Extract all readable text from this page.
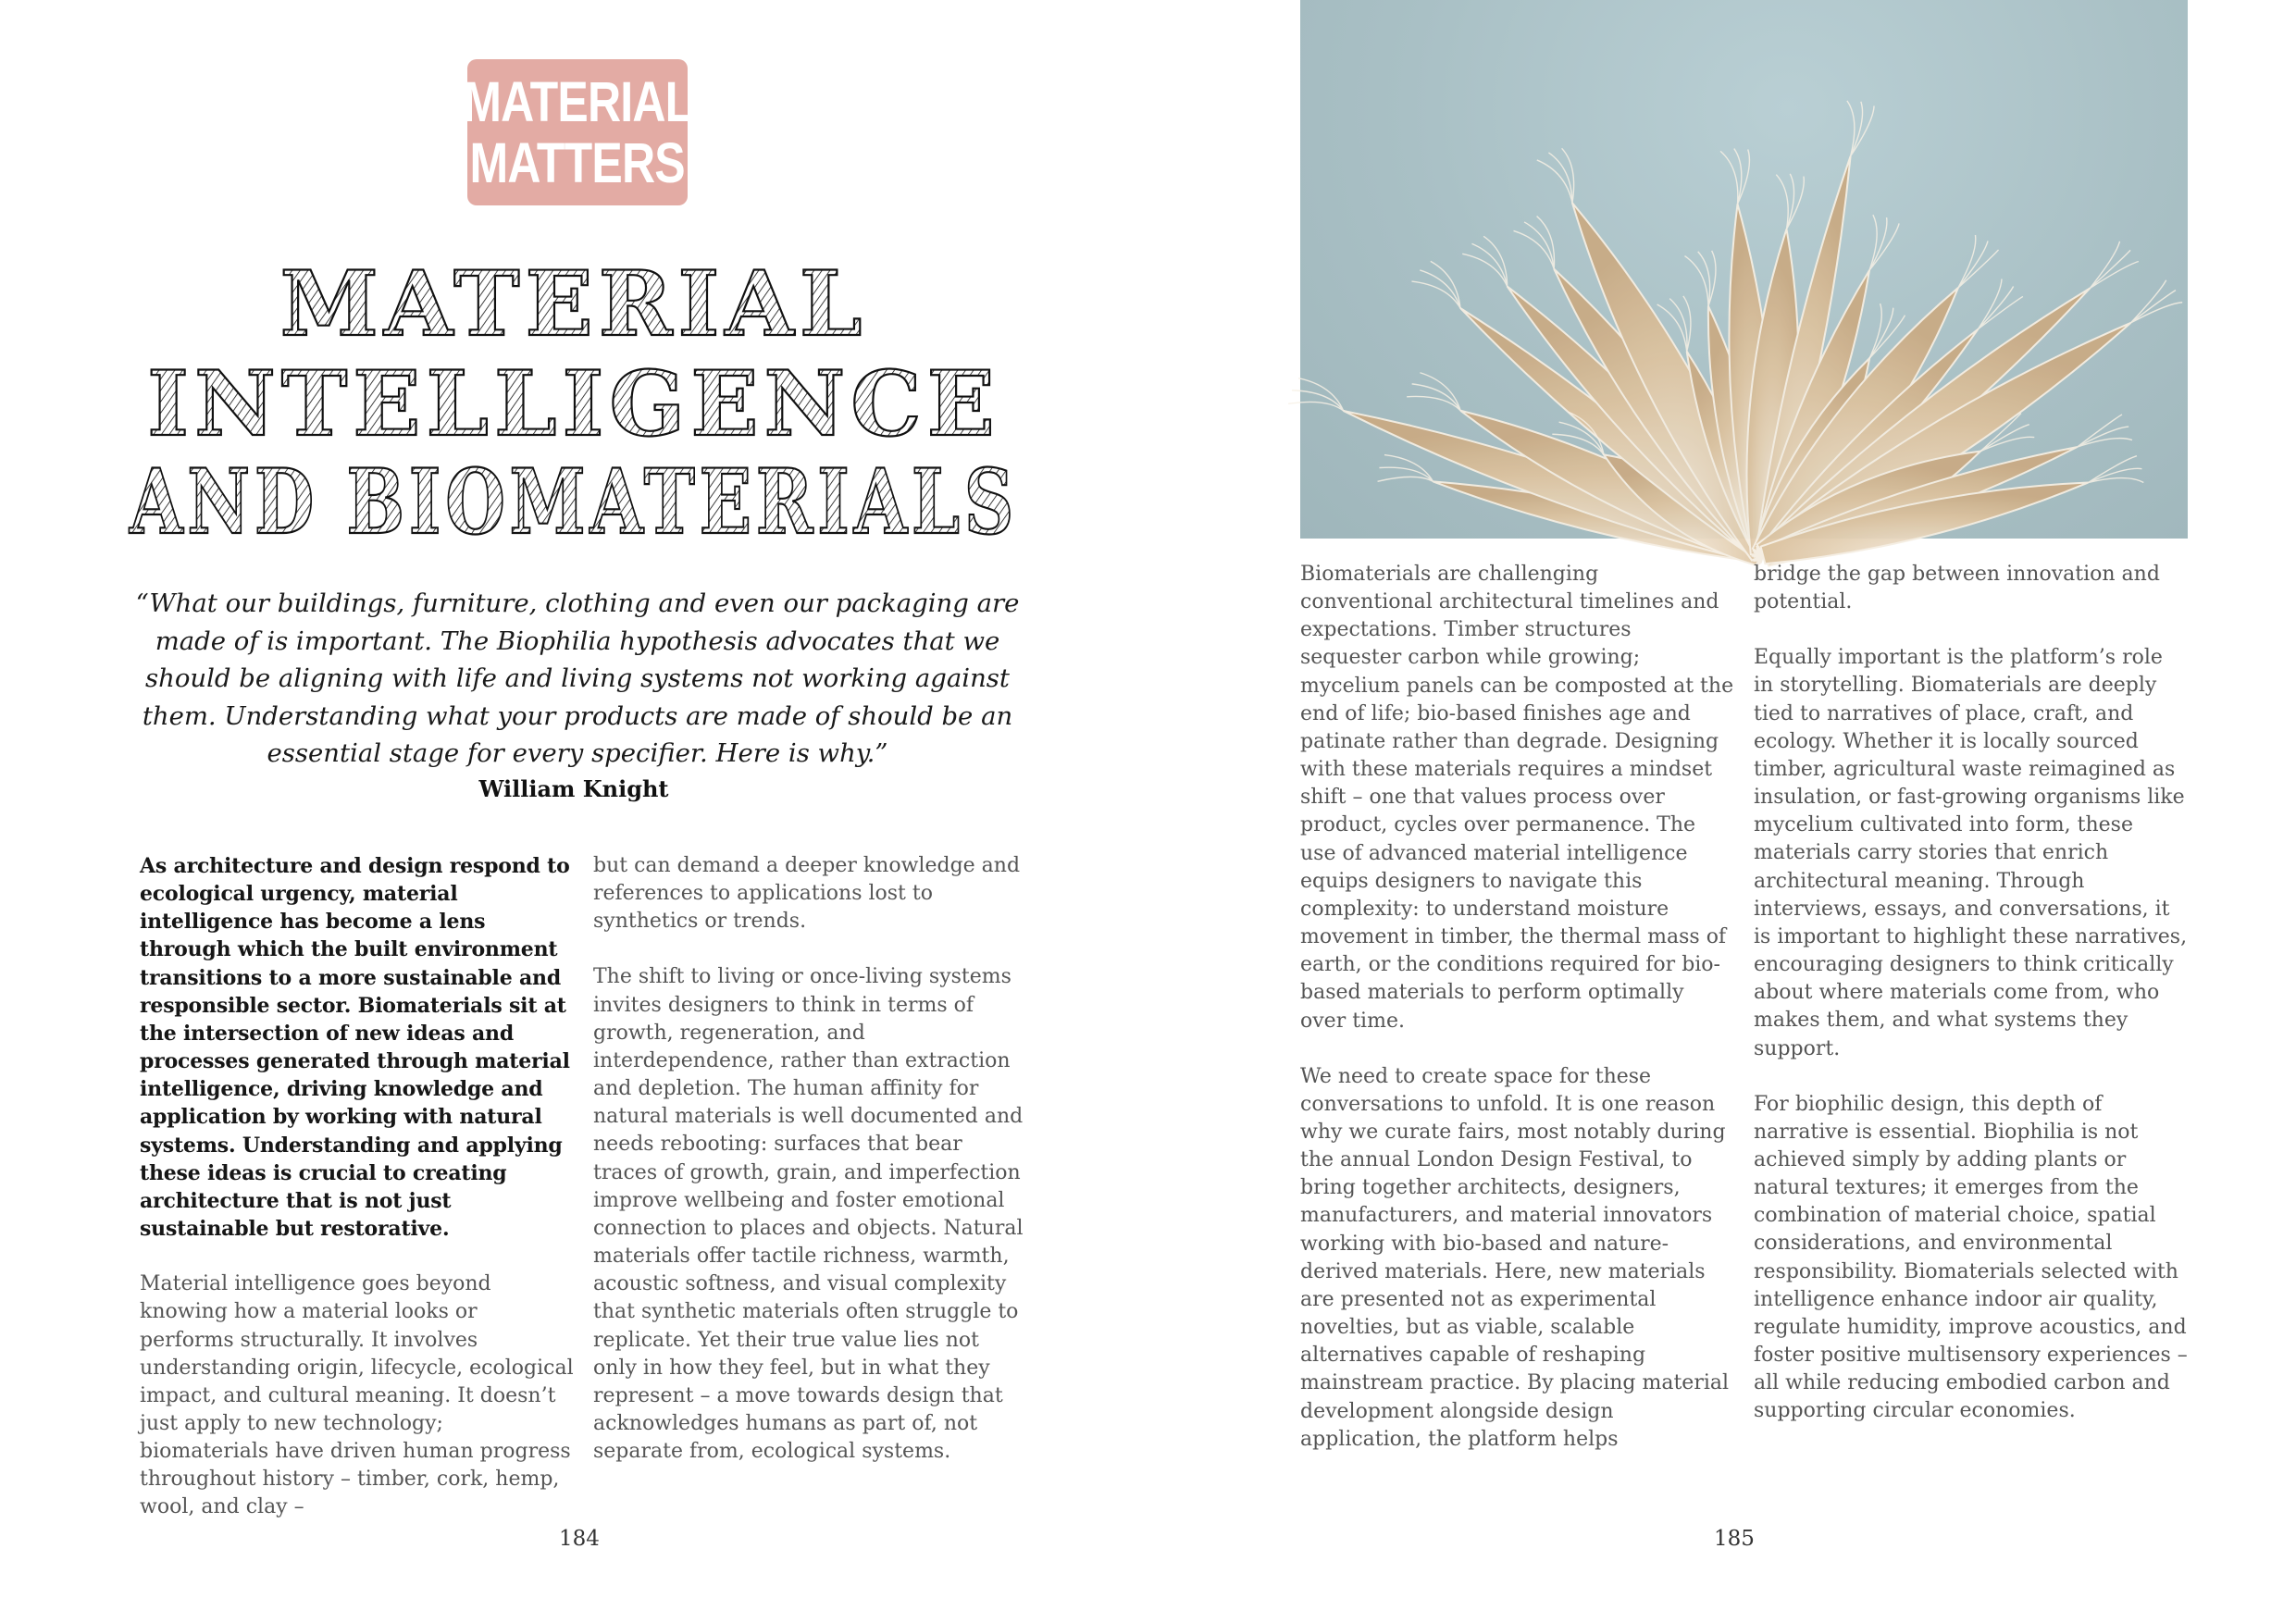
MATERIAL
MATTERS
MATERIAL
INTELLIGENCE
AND BIOMATERIALS
“What our buildings, furniture, clothing and even our packaging are made of is important. The Biophilia hypothesis advocates that we should be aligning with life and living systems not working against them. Understanding what your products are made of should be an essential stage for every specifier. Here is why.”
William Knight

As architecture and design respond to ecological urgency, material intelligence has become a lens through which the built environment transitions to a more sustainable and responsible sector. Biomaterials sit at the intersection of new ideas and processes generated through material intelligence, driving knowledge and application by working with natural systems. Understanding and applying these ideas is crucial to creating architecture that is not just sustainable but restorative.

Material intelligence goes beyond knowing how a material looks or performs structurally. It involves understanding origin, lifecycle, ecological impact, and cultural meaning. It doesn’t just apply to new technology; biomaterials have driven human progress throughout history – timber, cork, hemp, wool, and clay –

but can demand a deeper knowledge and references to applications lost to synthetics or trends.

The shift to living or once-living systems invites designers to think in terms of growth, regeneration, and interdependence, rather than extraction and depletion. The human affinity for natural materials is well documented and needs rebooting: surfaces that bear traces of growth, grain, and imperfection improve wellbeing and foster emotional connection to places and objects. Natural materials offer tactile richness, warmth, acoustic softness, and visual complexity that synthetic materials often struggle to replicate. Yet their true value lies not only in how they feel, but in what they represent – a move towards design that acknowledges humans as part of, not separate from, ecological systems.

184

Biomaterials are challenging conventional architectural timelines and expectations. Timber structures sequester carbon while growing; mycelium panels can be composted at the end of life; bio-based finishes age and patinate rather than degrade. Designing with these materials requires a mindset shift – one that values process over product, cycles over permanence. The use of advanced material intelligence equips designers to navigate this complexity: to understand moisture movement in timber, the thermal mass of earth, or the conditions required for bio-based materials to perform optimally over time.

We need to create space for these conversations to unfold. It is one reason why we curate fairs, most notably during the annual London Design Festival, to bring together architects, designers, manufacturers, and material innovators working with bio-based and nature-derived materials. Here, new materials are presented not as experimental novelties, but as viable, scalable alternatives capable of reshaping mainstream practice. By placing material development alongside design application, the platform helps

bridge the gap between innovation and potential.

Equally important is the platform’s role in storytelling. Biomaterials are deeply tied to narratives of place, craft, and ecology. Whether it is locally sourced timber, agricultural waste reimagined as insulation, or fast-growing organisms like mycelium cultivated into form, these materials carry stories that enrich architectural meaning. Through interviews, essays, and conversations, it is important to highlight these narratives, encouraging designers to think critically about where materials come from, who makes them, and what systems they support.

For biophilic design, this depth of narrative is essential. Biophilia is not achieved simply by adding plants or natural textures; it emerges from the combination of material choice, spatial considerations, and environmental responsibility. Biomaterials selected with intelligence enhance indoor air quality, regulate humidity, improve acoustics, and foster positive multisensory experiences – all while reducing embodied carbon and supporting circular economies.

185
